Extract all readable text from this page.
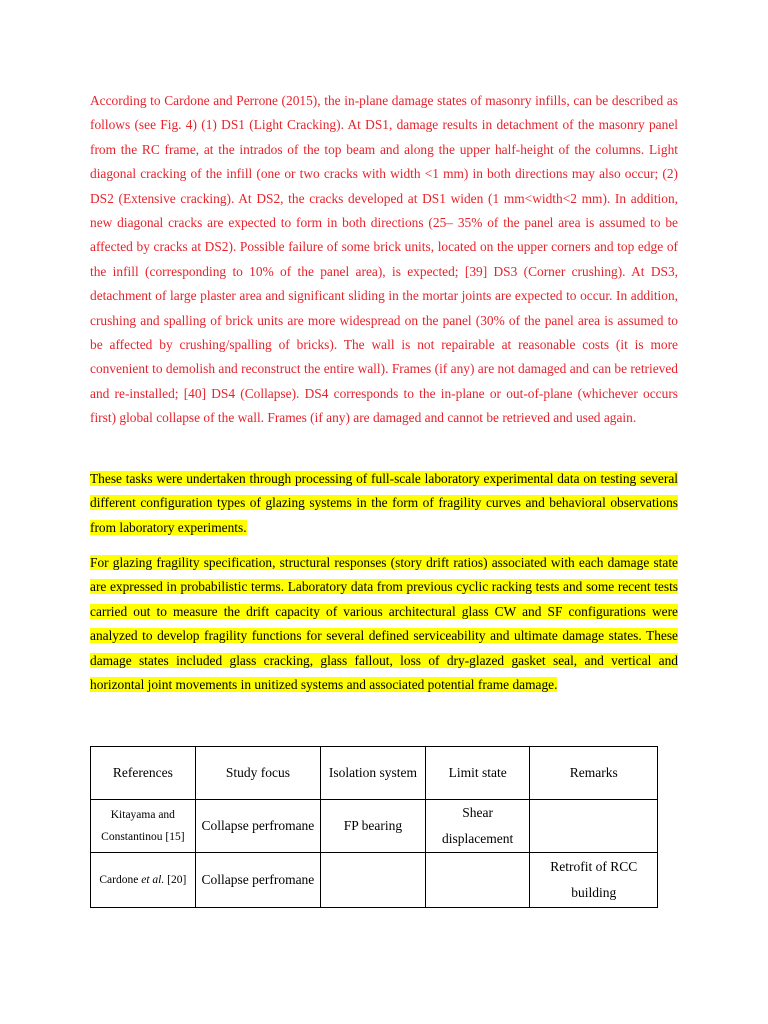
According to Cardone and Perrone (2015), the in-plane damage states of masonry infills, can be described as follows (see Fig. 4) (1) DS1 (Light Cracking). At DS1, damage results in detachment of the masonry panel from the RC frame, at the intrados of the top beam and along the upper half-height of the columns. Light diagonal cracking of the infill (one or two cracks with width <1 mm) in both directions may also occur; (2) DS2 (Extensive cracking). At DS2, the cracks developed at DS1 widen (1 mm<width<2 mm). In addition, new diagonal cracks are expected to form in both directions (25– 35% of the panel area is assumed to be affected by cracks at DS2). Possible failure of some brick units, located on the upper corners and top edge of the infill (corresponding to 10% of the panel area), is expected; [39] DS3 (Corner crushing). At DS3, detachment of large plaster area and significant sliding in the mortar joints are expected to occur. In addition, crushing and spalling of brick units are more widespread on the panel (30% of the panel area is assumed to be affected by crushing/spalling of bricks). The wall is not repairable at reasonable costs (it is more convenient to demolish and reconstruct the entire wall). Frames (if any) are not damaged and can be retrieved and re-installed; [40] DS4 (Collapse). DS4 corresponds to the in-plane or out-of-plane (whichever occurs first) global collapse of the wall. Frames (if any) are damaged and cannot be retrieved and used again.

These tasks were undertaken through processing of full-scale laboratory experimental data on testing several different configuration types of glazing systems in the form of fragility curves and behavioral observations from laboratory experiments.

For glazing fragility specification, structural responses (story drift ratios) associated with each damage state are expressed in probabilistic terms. Laboratory data from previous cyclic racking tests and some recent tests carried out to measure the drift capacity of various architectural glass CW and SF configurations were analyzed to develop fragility functions for several defined serviceability and ultimate damage states. These damage states included glass cracking, glass fallout, loss of dry-glazed gasket seal, and vertical and horizontal joint movements in unitized systems and associated potential frame damage.

References	Study focus	Isolation system	Limit state	Remarks
Kitayama and Constantinou [15]	Collapse perfromane	FP bearing	Shear displacement	
Cardone et al. [20]	Collapse perfromane			Retrofit of RCC building
